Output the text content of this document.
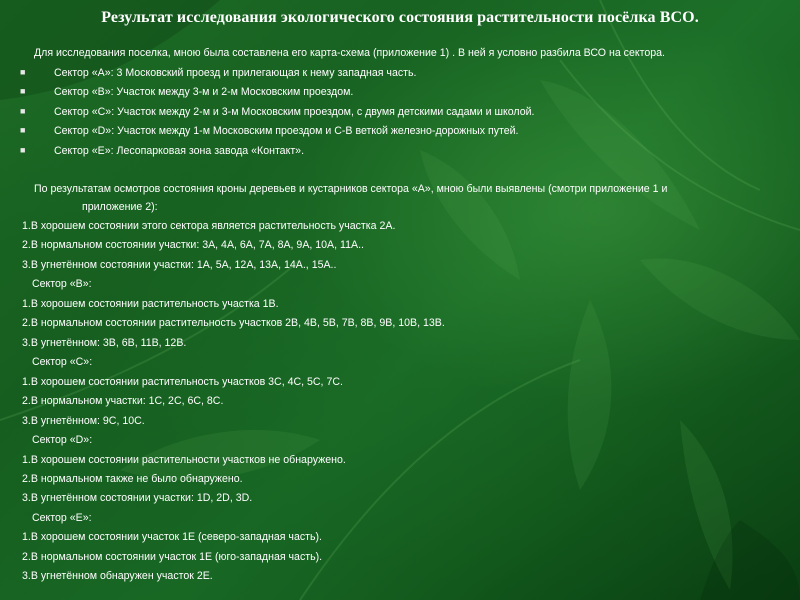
Результат исследования экологического состояния растительности посёлка ВСО.
Для исследования поселка, мною была составлена его карта-схема (приложение 1) . В ней я условно разбила ВСО на сектора.
■	Сектор «А»: 3 Московский проезд и прилегающая к нему западная часть.
■	Сектор «В»: Участок между 3-м и 2-м Московским проездом.
■	Сектор «С»: Участок между 2-м и 3-м Московским проездом, с двумя детскими садами и школой.
■	Сектор «D»: Участок между 1-м Московским проездом и С-В веткой железно-дорожных путей.
■	Сектор «Е»: Лесопарковая зона завода «Контакт».
По результатам осмотров состояния кроны деревьев и кустарников сектора «А», мною были выявлены (смотри приложение 1 и
приложение 2):
1.В хорошем состоянии этого сектора является растительность участка 2А.
2.В нормальном состоянии участки: 3А, 4А, 6А, 7А, 8А, 9А, 10А, 11А..
3.В угнетённом состоянии участки: 1А, 5А, 12А, 13А, 14А., 15А..
Сектор «В»:
1.В хорошем состоянии растительность участка 1В.
2.В нормальном состоянии растительность участков 2В, 4В, 5В, 7В, 8В, 9В, 10В, 13В.
3.В угнетённом: 3В, 6В, 11В, 12В.
Сектор «С»:
1.В хорошем состоянии растительность участков 3С, 4С, 5С, 7С.
2.В нормальном участки: 1С, 2С, 6С, 8С.
3.В угнетённом: 9С, 10С.
Сектор «D»:
1.В хорошем состоянии растительности участков не обнаружено.
2.В нормальном также не было обнаружено.
3.В угнетённом состоянии участки: 1D, 2D, 3D.
Сектор «Е»:
1.В хорошем состоянии участок 1Е (северо-западная часть).
2.В нормальном состоянии участок 1Е (юго-западная часть).
3.В угнетённом обнаружен участок 2Е.
